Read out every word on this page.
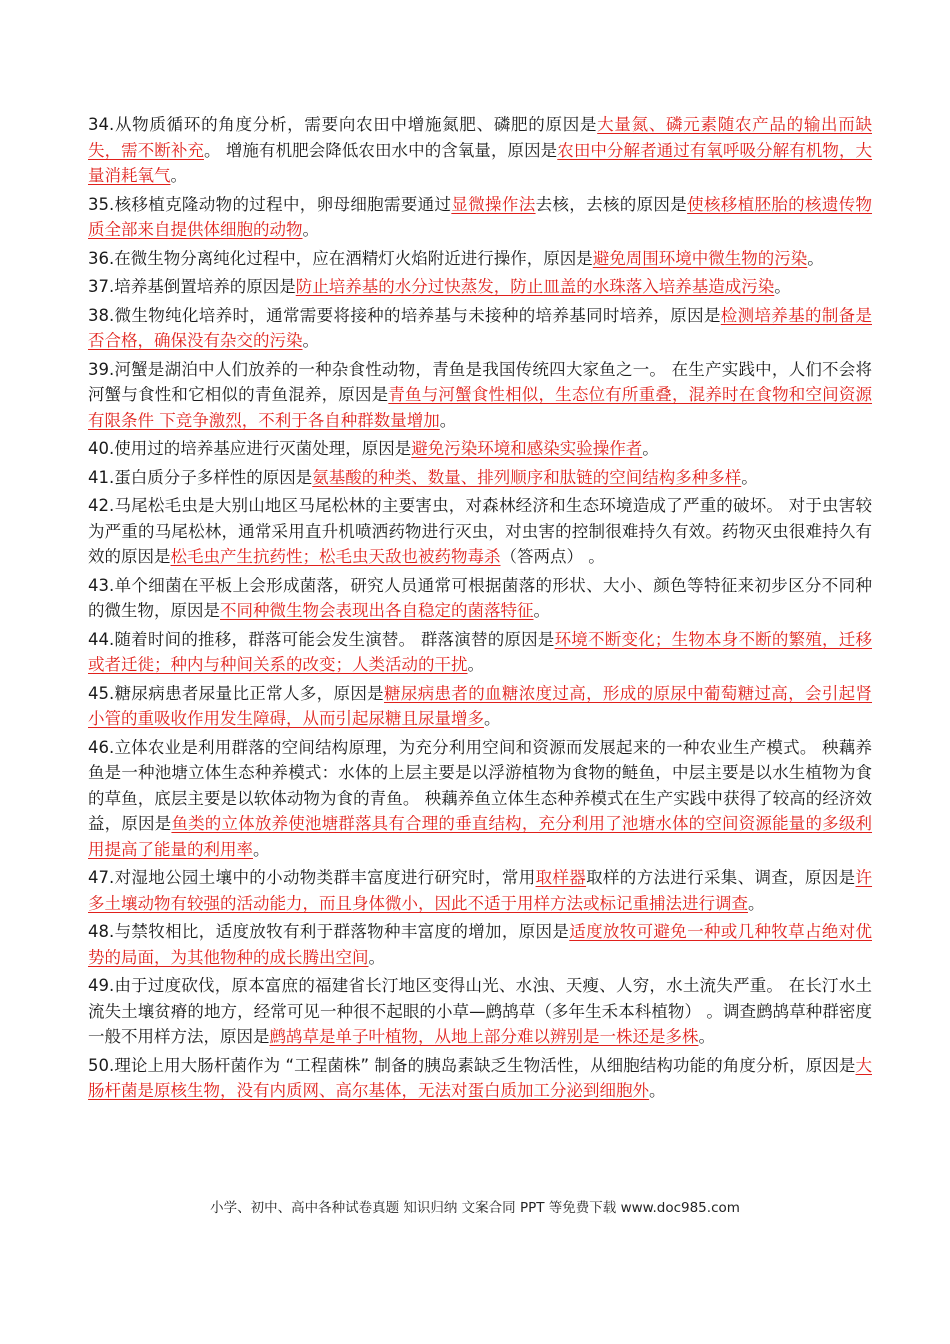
34.从物质循环的角度分析，需要向农田中增施氮肥、磷肥的原因是大量氮、磷元素随农产品的输出而缺 失，需不断补充。 增施有机肥会降低农田水中的含氧量，原因是农田中分解者通过有氧呼吸分解有机物，大量消耗氧气。

35.核移植克隆动物的过程中，卵母细胞需要通过显微操作法去核，去核的原因是使核移植胚胎的核遗传物质全部来自提供体细胞的动物。

36.在微生物分离纯化过程中，应在酒精灯火焰附近进行操作，原因是避免周围环境中微生物的污染。

37.培养基倒置培养的原因是防止培养基的水分过快蒸发，防止皿盖的水珠落入培养基造成污染。

38.微生物纯化培养时，通常需要将接种的培养基与未接种的培养基同时培养，原因是检测培养基的制备是否合格，确保没有杂交的污染。

39.河蟹是湖泊中人们放养的一种杂食性动物，青鱼是我国传统四大家鱼之一。 在生产实践中，人们不会将河蟹与食性和它相似的青鱼混养，原因是青鱼与河蟹食性相似，生态位有所重叠，混养时在食物和空间资源有限条件 下竞争激烈，不利于各自种群数量增加。

40.使用过的培养基应进行灭菌处理，原因是避免污染环境和感染实验操作者。

41.蛋白质分子多样性的原因是氨基酸的种类、数量、排列顺序和肽链的空间结构多种多样。

42.马尾松毛虫是大别山地区马尾松林的主要害虫，对森林经济和生态环境造成了严重的破坏。 对于虫害较为严重的马尾松林，通常采用直升机喷洒药物进行灭虫，对虫害的控制很难持久有效。药物灭虫很难持久有效的原因是松毛虫产生抗药性；松毛虫天敌也被药物毒杀（答两点） 。

43.单个细菌在平板上会形成菌落，研究人员通常可根据菌落的形状、大小、颜色等特征来初步区分不同种的微生物，原因是不同种微生物会表现出各自稳定的菌落特征。

44.随着时间的推移，群落可能会发生演替。 群落演替的原因是环境不断变化；生物本身不断的繁殖，迁移或者迁徙；种内与种间关系的改变；人类活动的干扰。

45.糖尿病患者尿量比正常人多，原因是糖尿病患者的血糖浓度过高，形成的原尿中葡萄糖过高，会引起肾小管的重吸收作用发生障碍，从而引起尿糖且尿量增多。

46.立体农业是利用群落的空间结构原理，为充分利用空间和资源而发展起来的一种农业生产模式。 秧藕养鱼是一种池塘立体生态种养模式：水体的上层主要是以浮游植物为食物的鲢鱼，中层主要是以水生植物为食的草鱼，底层主要是以软体动物为食的青鱼。 秧藕养鱼立体生态种养模式在生产实践中获得了较高的经济效益，原因是鱼类的立体放养使池塘群落具有合理的垂直结构，充分利用了池塘水体的空间资源能量的多级利用提高了能量的利用率。

47.对湿地公园土壤中的小动物类群丰富度进行研究时，常用取样器取样的方法进行采集、调查，原因是许多土壤动物有较强的活动能力，而且身体微小，因此不适于用样方法或标记重捕法进行调查。

48.与禁牧相比，适度放牧有利于群落物种丰富度的增加，原因是适度放牧可避免一种或几种牧草占绝对优势的局面，为其他物种的成长腾出空间。

49.由于过度砍伐，原本富庶的福建省长汀地区变得山光、水浊、天瘦、人穷，水土流失严重。 在长汀水土流失土壤贫瘠的地方，经常可见一种很不起眼的小草—鹧鸪草（多年生禾本科植物） 。调查鹧鸪草种群密度一般不用样方法，原因是鹧鸪草是单子叶植物，从地上部分难以辨别是一株还是多株。

50.理论上用大肠杆菌作为 “工程菌株” 制备的胰岛素缺乏生物活性，从细胞结构功能的角度分析，原因是大肠杆菌是原核生物，没有内质网、高尔基体，无法对蛋白质加工分泌到细胞外。

小学、初中、高中各种试卷真题 知识归纳 文案合同 PPT 等免费下载 www.doc985.com
